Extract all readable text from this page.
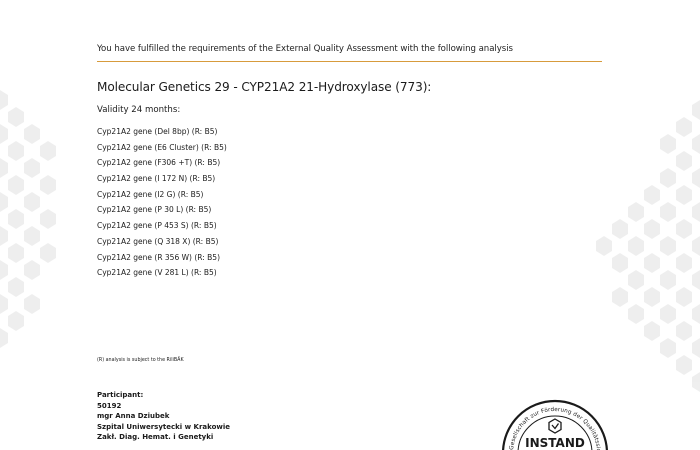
You have fulfilled the requirements of the External Quality Assessment with the following analysis
Molecular Genetics 29 - CYP21A2 21-Hydroxylase (773):
Validity 24 months:
Cyp21A2 gene (Del 8bp) (R: B5)
Cyp21A2 gene (E6 Cluster) (R: B5)
Cyp21A2 gene (F306 +T) (R: B5)
Cyp21A2 gene (I 172 N) (R: B5)
Cyp21A2 gene (I2 G) (R: B5)
Cyp21A2 gene (P 30 L) (R: B5)
Cyp21A2 gene (P 453 S) (R: B5)
Cyp21A2 gene (Q 318 X) (R: B5)
Cyp21A2 gene (R 356 W) (R: B5)
Cyp21A2 gene (V 281 L) (R: B5)
(R) analysis is subject to the RiliBÄK
Participant:
50192
mgr Anna Dziubek
Szpital Uniwersytecki w Krakowie
Zakł. Diag. Hemat. i Genetyki
Gesellschaft zur Förderung der Qualitätssi
INSTAND
